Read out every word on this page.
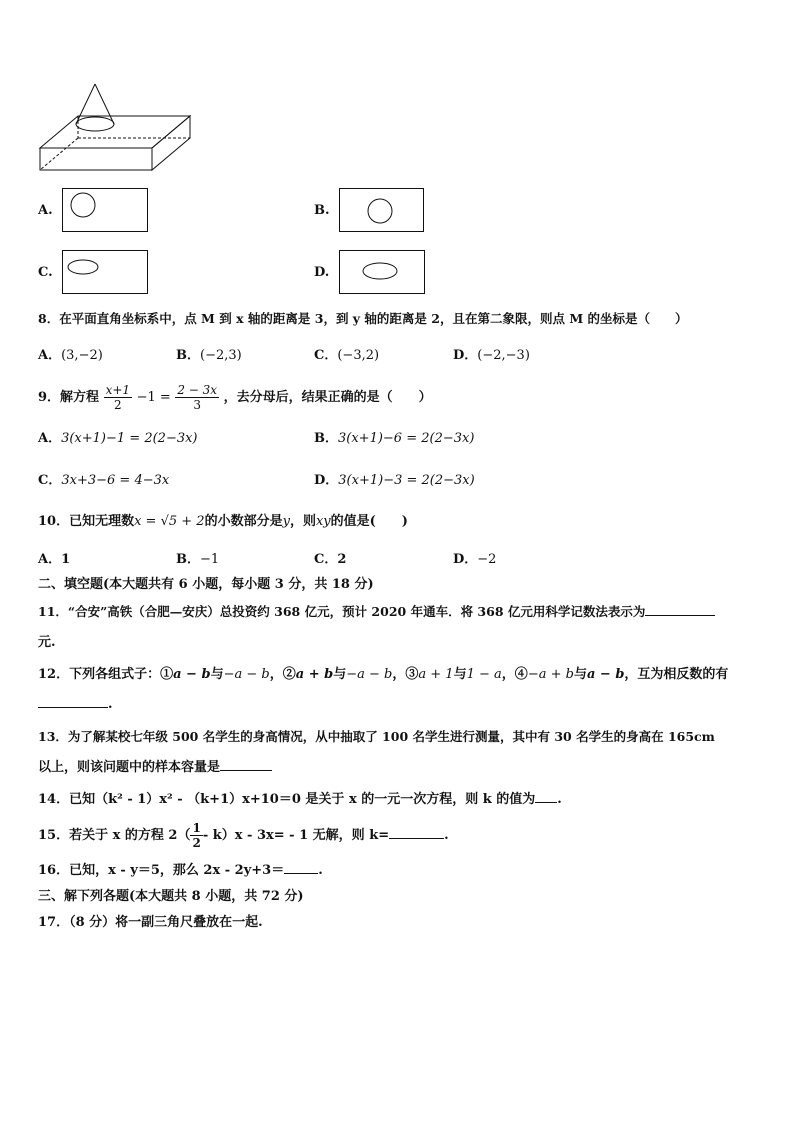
A.	B.
C.	D.
8．在平面直角坐标系中，点 M 到 x 轴的距离是 3，到 y 轴的距离是 2，且在第二象限，则点 M 的坐标是（　　）
A．(3,−2)	B．(−2,3)	C．(−3,2)	D．(−2,−3)
9．解方程 $\frac{x+1}{2} -1 = \frac{2 - 3x}{3}$ ，去分母后，结果正确的是（　　）
A．3(x+1)−1 = 2(2−3x)	B．3(x+1)−6 = 2(2−3x)
C．3x+3−6 = 4−3x	D．3(x+1)−3 = 2(2−3x)
10．已知无理数x = √5 + 2的小数部分是y，则xy的值是(　　)
A．1	B．−1	C．2	D．−2
二、填空题(本大题共有 6 小题，每小题 3 分，共 18 分)
11．“合安”高铁（合肥—安庆）总投资约 368 亿元，预计 2020 年通车．将 368 亿元用科学记数法表示为
元.
12．下列各组式子：①a − b与−a − b，②a + b与−a − b，③a + 1与1 − a，④−a + b与a − b，互为相反数的有
.
13．为了解某校七年级 500 名学生的身高情况，从中抽取了 100 名学生进行测量，其中有 30 名学生的身高在 165cm
以上，则该问题中的样本容量是
14．已知（k² - 1）x² - （k+1）x+10＝0 是关于 x 的一元一次方程，则 k 的值为 .
15．若关于 x 的方程 $2( \frac{1}{2} - k)x - 3x= - 1$ 无解，则 k=	.
16．已知，x - y＝5，那么 2x - 2y+3＝	.
三、解下列各题(本大题共 8 小题，共 72 分)
17．（8 分）将一副三角尺叠放在一起.
